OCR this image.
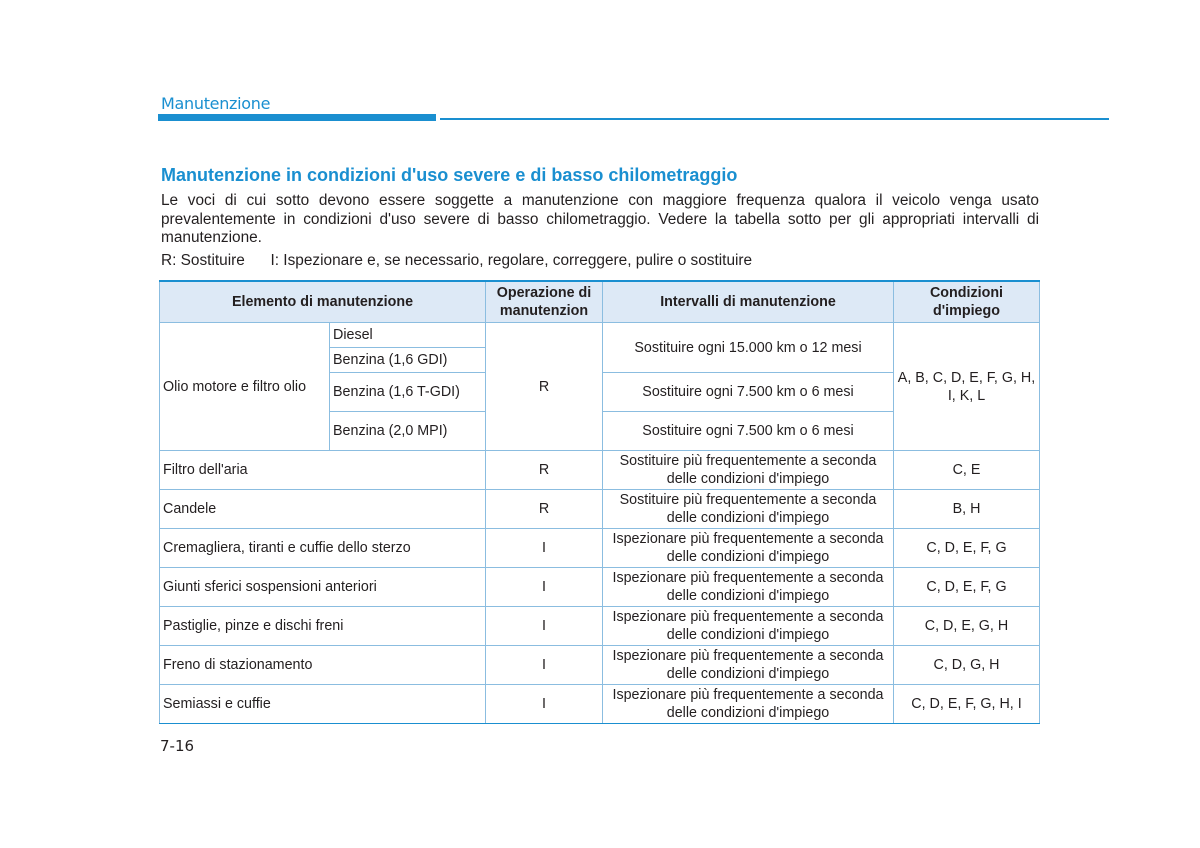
Manutenzione
Manutenzione in condizioni d'uso severe e di basso chilometraggio

Le voci di cui sotto devono essere soggette a manutenzione con maggiore frequenza qualora il veicolo venga usato prevalentemente in condizioni d'uso severe di basso chilometraggio. Vedere la tabella sotto per gli appropriati intervalli di manutenzione.

R: Sostituire      I: Ispezionare e, se necessario, regolare, correggere, pulire o sostituire

Elemento di manutenzione		Operazione di manutenzion	Intervalli di manutenzione	Condizioni d'impiego
Olio motore e filtro olio	Diesel	R	Sostituire ogni 15.000 km o 12 mesi	A, B, C, D, E, F, G, H, I, K, L
	Benzina (1,6 GDI)			
	Benzina (1,6 T-GDI)		Sostituire ogni 7.500 km o 6 mesi	

	Benzina (2,0 MPI)		Sostituire ogni 7.500 km o 6 mesi	
Filtro dell'aria		R	Sostituire più frequentemente a seconda delle condizioni d'impiego	C, E
Candele		R	Sostituire più frequentemente a seconda delle condizioni d'impiego	B, H
Cremagliera, tiranti e cuffie dello sterzo		I	Ispezionare più frequentemente a seconda delle condizioni d'impiego	C, D, E, F, G
Giunti sferici sospensioni anteriori		I	Ispezionare più frequentemente a seconda delle condizioni d'impiego	C, D, E, F, G
Pastiglie, pinze e dischi freni		I	Ispezionare più frequentemente a seconda delle condizioni d'impiego	C, D, E, G, H
Freno di stazionamento		I	Ispezionare più frequentemente a seconda delle condizioni d'impiego	C, D, G, H
Semiassi e cuffie		I	Ispezionare più frequentemente a seconda delle condizioni d'impiego	C, D, E, F, G, H, I
7-16
